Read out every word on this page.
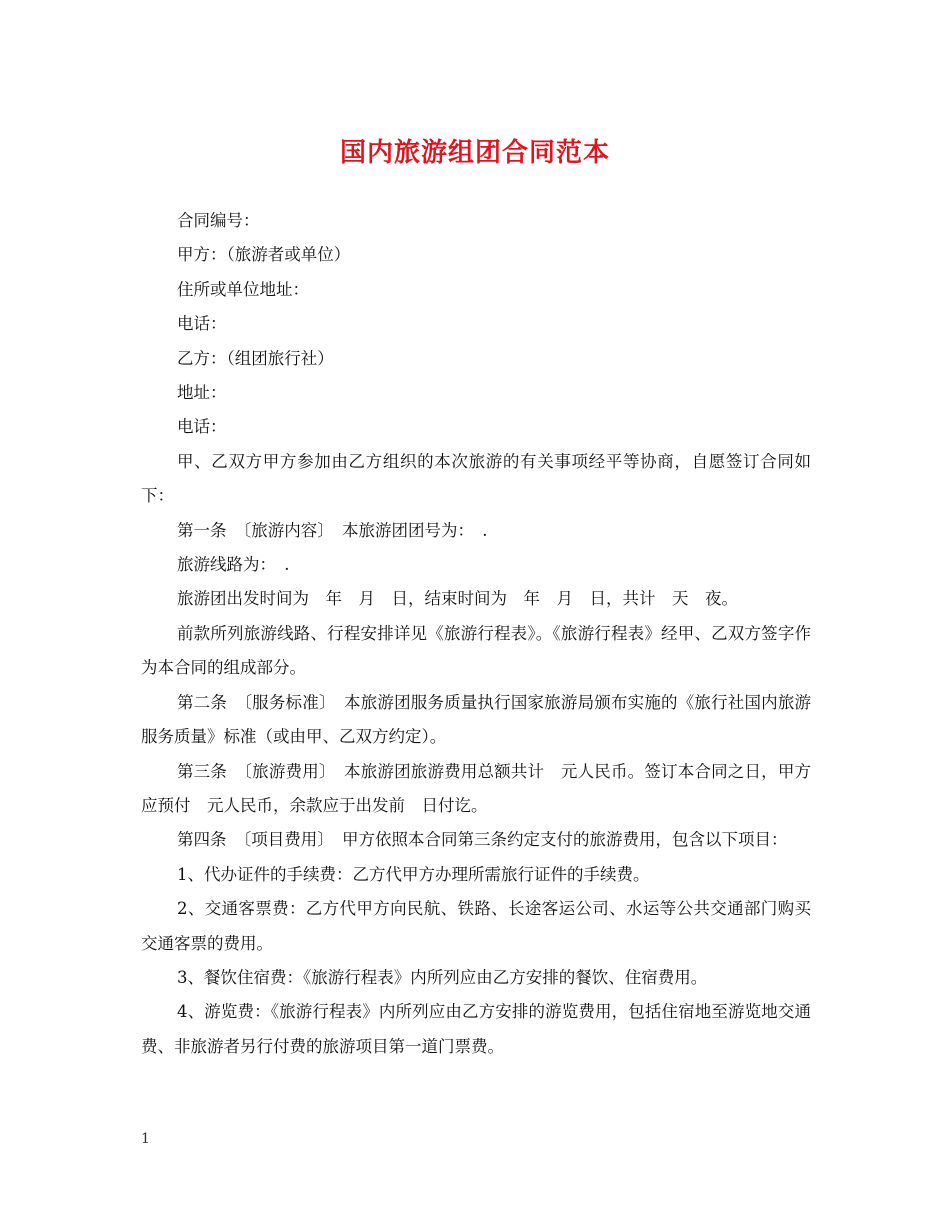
国内旅游组团合同范本

合同编号：

甲方：（旅游者或单位）

住所或单位地址：

电话：

乙方：（组团旅行社）

地址：

电话：

甲、乙双方甲方参加由乙方组织的本次旅游的有关事项经平等协商，自愿签订合同如下：

第一条　〔旅游内容〕　本旅游团团号为：　.

旅游线路为：　.

旅游团出发时间为　年　月　日，结束时间为　年　月　日，共计　天　夜。

前款所列旅游线路、行程安排详见《旅游行程表》。《旅游行程表》经甲、乙双方签字作为本合同的组成部分。

第二条　〔服务标准〕　本旅游团服务质量执行国家旅游局颁布实施的《旅行社国内旅游服务质量》标准（或由甲、乙双方约定）。

第三条　〔旅游费用〕　本旅游团旅游费用总额共计　元人民币。签订本合同之日，甲方应预付　元人民币，余款应于出发前　日付讫。

第四条　〔项目费用〕　甲方依照本合同第三条约定支付的旅游费用，包含以下项目：

1、代办证件的手续费：乙方代甲方办理所需旅行证件的手续费。

2、交通客票费：乙方代甲方向民航、铁路、长途客运公司、水运等公共交通部门购买交通客票的费用。

3、餐饮住宿费：《旅游行程表》内所列应由乙方安排的餐饮、住宿费用。

4、游览费：《旅游行程表》内所列应由乙方安排的游览费用，包括住宿地至游览地交通费、非旅游者另行付费的旅游项目第一道门票费。

1
